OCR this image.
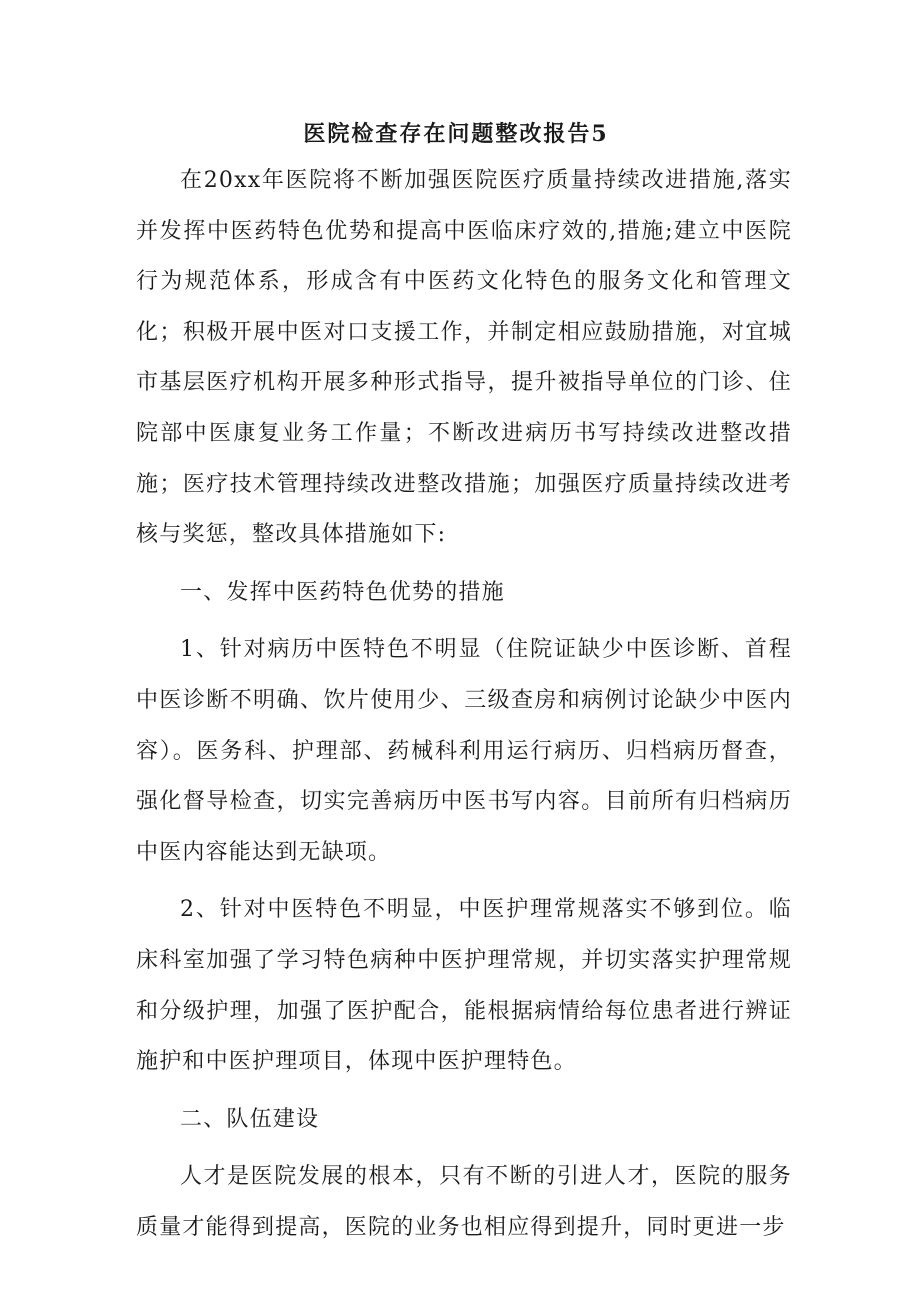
医院检查存在问题整改报告5

在20xx年医院将不断加强医院医疗质量持续改进措施,落实并发挥中医药特色优势和提高中医临床疗效的,措施;建立中医院行为规范体系，形成含有中医药文化特色的服务文化和管理文化；积极开展中医对口支援工作，并制定相应鼓励措施，对宜城市基层医疗机构开展多种形式指导，提升被指导单位的门诊、住院部中医康复业务工作量；不断改进病历书写持续改进整改措施；医疗技术管理持续改进整改措施；加强医疗质量持续改进考核与奖惩，整改具体措施如下:

一、发挥中医药特色优势的措施

1、针对病历中医特色不明显（住院证缺少中医诊断、首程中医诊断不明确、饮片使用少、三级查房和病例讨论缺少中医内容）。医务科、护理部、药械科利用运行病历、归档病历督查，强化督导检查，切实完善病历中医书写内容。目前所有归档病历中医内容能达到无缺项。

2、针对中医特色不明显，中医护理常规落实不够到位。临床科室加强了学习特色病种中医护理常规，并切实落实护理常规和分级护理，加强了医护配合，能根据病情给每位患者进行辨证施护和中医护理项目，体现中医护理特色。

二、队伍建设

人才是医院发展的根本，只有不断的引进人才，医院的服务质量才能得到提高，医院的业务也相应得到提升，同时更进一步
